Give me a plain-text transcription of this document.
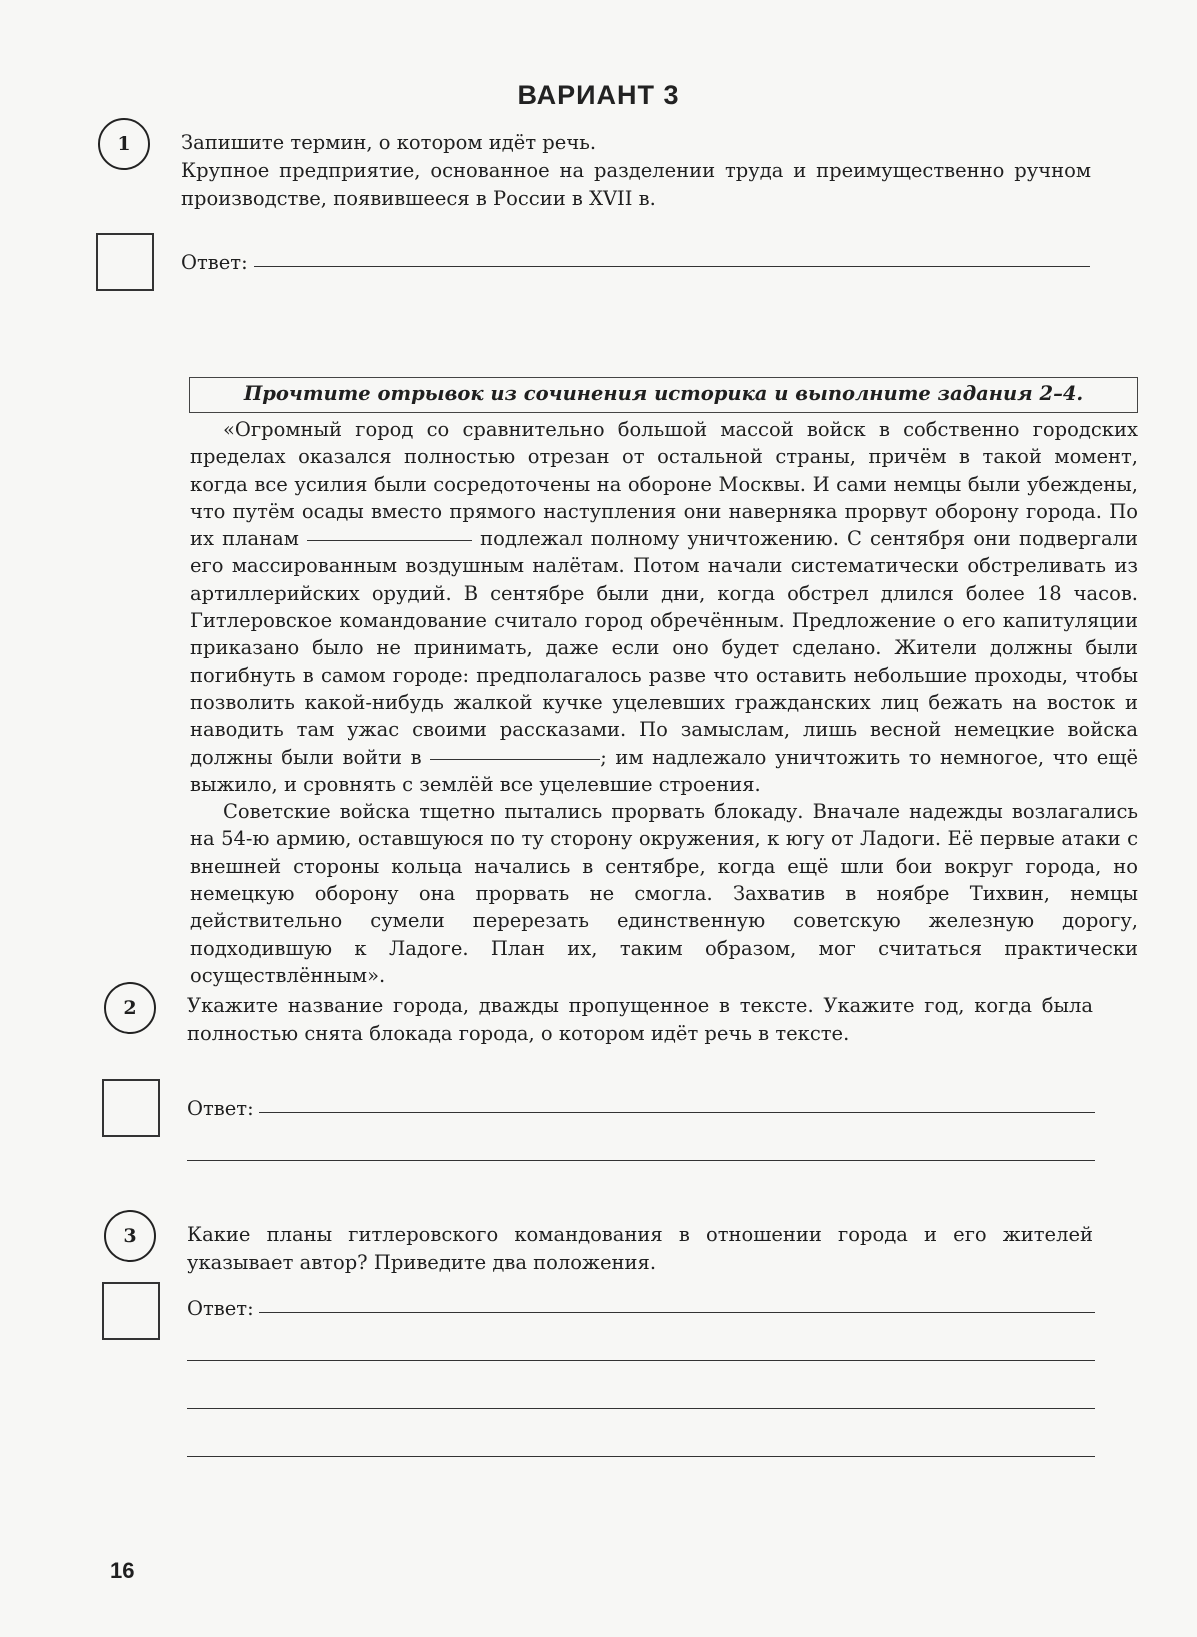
ВАРИАНТ 3
1	Запишите термин, о котором идёт речь.
Крупное предприятие, основанное на разделении труда и преимущественно ручном производстве, появившееся в России в XVII в.
Ответ:
Прочтите отрывок из сочинения историка и выполните задания 2–4.

«Огромный город со сравнительно большой массой войск в собственно городских пределах оказался полностью отрезан от остальной страны, причём в такой момент, когда все усилия были сосредоточены на обороне Москвы. И сами немцы были убеждены, что путём осады вместо прямого наступления они наверняка прорвут оборону города. По их планам	подлежал полному уничтожению. С сентября они подвергали его массированным воздушным налётам. Потом начали систематически обстреливать из артиллерийских орудий. В сентябре были дни, когда обстрел длился более 18 часов. Гитлеровское командование считало город обречённым. Предложение о его капитуляции приказано было не принимать, даже если оно будет сделано. Жители должны были погибнуть в самом городе: предполагалось разве что оставить небольшие проходы, чтобы позволить какой-нибудь жалкой кучке уцелевших гражданских лиц бежать на восток и наводить там ужас своими рассказами. По замыслам, лишь весной немецкие войска должны были войти в	; им надлежало уничтожить то немногое, что ещё выжило, и сровнять с землёй все уцелевшие строения.

Советские войска тщетно пытались прорвать блокаду. Вначале надежды возлагались на 54-ю армию, оставшуюся по ту сторону окружения, к югу от Ладоги. Её первые атаки с внешней стороны кольца начались в сентябре, когда ещё шли бои вокруг города, но немецкую оборону она прорвать не смогла. Захватив в ноябре Тихвин, немцы действительно сумели перерезать единственную советскую железную дорогу, подходившую к Ладоге. План их, таким образом, мог считаться практически осуществлённым».

2	Укажите название города, дважды пропущенное в тексте. Укажите год, когда была полностью снята блокада города, о котором идёт речь в тексте.
Ответ:
3	Какие планы гитлеровского командования в отношении города и его жителей указывает автор? Приведите два положения.
Ответ:
16
